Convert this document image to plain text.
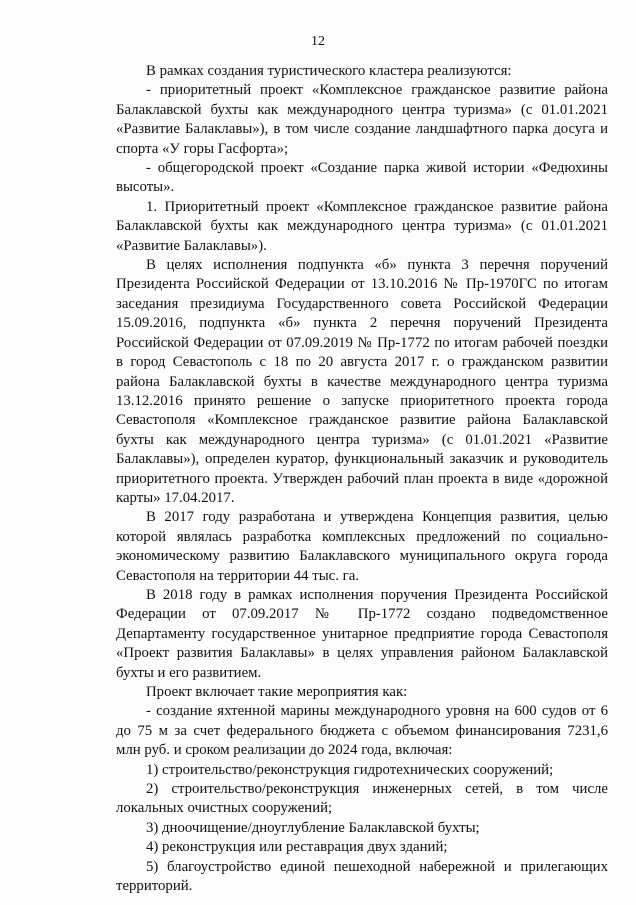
12

В рамках создания туристического кластера реализуются:

- приоритетный проект «Комплексное гражданское развитие района Балаклавской бухты как международного центра туризма» (с 01.01.2021 «Развитие Балаклавы»), в том числе создание ландшафтного парка досуга и спорта «У горы Гасфорта»;

- общегородской проект «Создание парка живой истории «Федюхины высоты».

1. Приоритетный проект «Комплексное гражданское развитие района Балаклавской бухты как международного центра туризма» (с 01.01.2021 «Развитие Балаклавы»).

В целях исполнения подпункта «б» пункта 3 перечня поручений Президента Российской Федерации от 13.10.2016 № Пр-1970ГС по итогам заседания президиума Государственного совета Российской Федерации 15.09.2016, подпункта «б» пункта 2 перечня поручений Президента Российской Федерации от 07.09.2019 № Пр-1772 по итогам рабочей поездки в город Севастополь с 18 по 20 августа 2017 г. о гражданском развитии района Балаклавской бухты в качестве международного центра туризма 13.12.2016 принято решение о запуске приоритетного проекта города Севастополя «Комплексное гражданское развитие района Балаклавской бухты как международного центра туризма» (с 01.01.2021 «Развитие Балаклавы»), определен куратор, функциональный заказчик и руководитель приоритетного проекта. Утвержден рабочий план проекта в виде «дорожной карты» 17.04.2017.

В 2017 году разработана и утверждена Концепция развития, целью которой являлась разработка комплексных предложений по социально-экономическому развитию Балаклавского муниципального округа города Севастополя на территории 44 тыс. га.

В 2018 году в рамках исполнения поручения Президента Российской Федерации от 07.09.2017 № Пр-1772 создано подведомственное Департаменту государственное унитарное предприятие города Севастополя «Проект развития Балаклавы» в целях управления районом Балаклавской бухты и его развитием.

Проект включает такие мероприятия как:

- создание яхтенной марины международного уровня на 600 судов от 6 до 75 м за счет федерального бюджета с объемом финансирования 7231,6 млн руб. и сроком реализации до 2024 года, включая:

1) строительство/реконструкция гидротехнических сооружений;

2) строительство/реконструкция инженерных сетей, в том числе локальных очистных сооружений;

3) дноочищение/дноуглубление Балаклавской бухты;

4) реконструкция или реставрация двух зданий;

5) благоустройство единой пешеходной набережной и прилегающих территорий.
